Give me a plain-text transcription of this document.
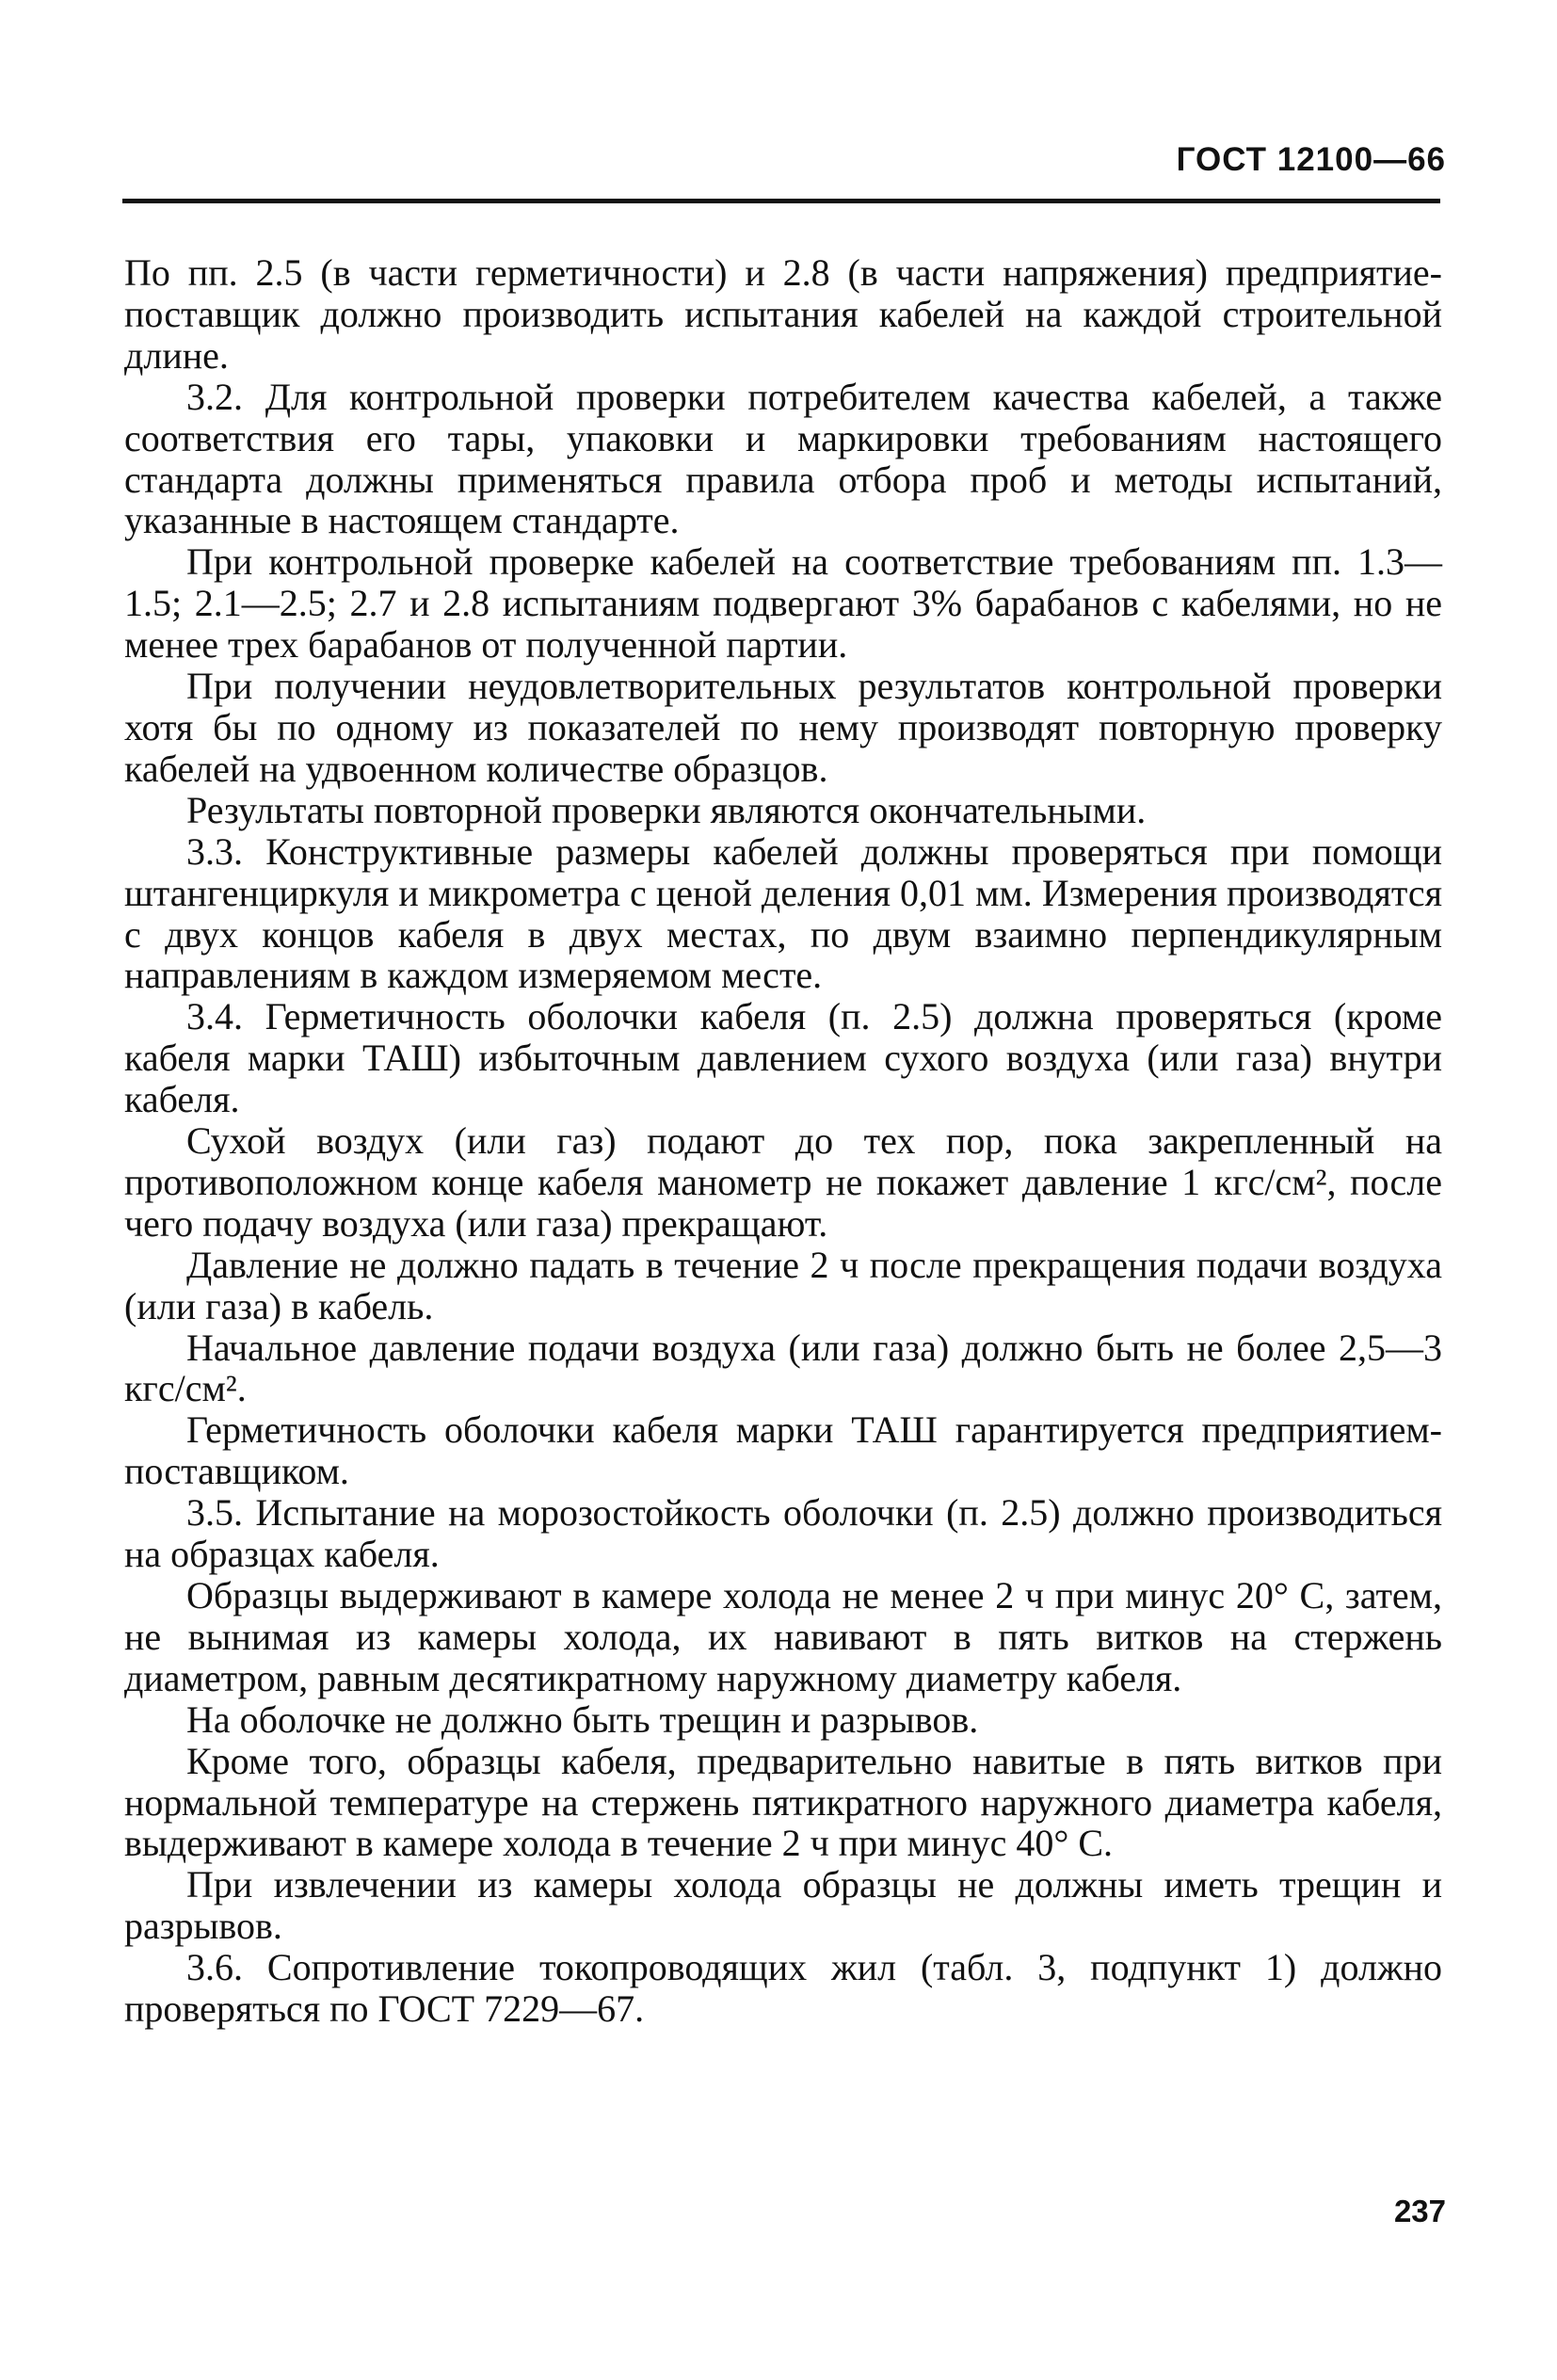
ГОСТ 12100—66

По пп. 2.5 (в части герметичности) и 2.8 (в части напряжения) предприятие-поставщик должно производить испытания кабелей на каждой строительной длине.

3.2. Для контрольной проверки потребителем качества кабелей, а также соответствия его тары, упаковки и маркировки требованиям настоящего стандарта должны применяться правила отбора проб и методы испытаний, указанные в настоящем стандарте.

При контрольной проверке кабелей на соответствие требованиям пп. 1.3—1.5; 2.1—2.5; 2.7 и 2.8 испытаниям подвергают 3% барабанов с кабелями, но не менее трех барабанов от полученной партии.

При получении неудовлетворительных результатов контрольной проверки хотя бы по одному из показателей по нему производят повторную проверку кабелей на удвоенном количестве образцов.

Результаты повторной проверки являются окончательными.

3.3. Конструктивные размеры кабелей должны проверяться при помощи штангенциркуля и микрометра с ценой деления 0,01 мм. Измерения производятся с двух концов кабеля в двух местах, по двум взаимно перпендикулярным направлениям в каждом измеряемом месте.

3.4. Герметичность оболочки кабеля (п. 2.5) должна проверяться (кроме кабеля марки ТАШ) избыточным давлением сухого воздуха (или газа) внутри кабеля.

Сухой воздух (или газ) подают до тех пор, пока закрепленный на противоположном конце кабеля манометр не покажет давление 1 кгс/см², после чего подачу воздуха (или газа) прекращают.

Давление не должно падать в течение 2 ч после прекращения подачи воздуха (или газа) в кабель.

Начальное давление подачи воздуха (или газа) должно быть не более 2,5—3 кгс/см².

Герметичность оболочки кабеля марки ТАШ гарантируется предприятием-поставщиком.

3.5. Испытание на морозостойкость оболочки (п. 2.5) должно производиться на образцах кабеля.

Образцы выдерживают в камере холода не менее 2 ч при минус 20° С, затем, не вынимая из камеры холода, их навивают в пять витков на стержень диаметром, равным десятикратному наружному диаметру кабеля.

На оболочке не должно быть трещин и разрывов.

Кроме того, образцы кабеля, предварительно навитые в пять витков при нормальной температуре на стержень пятикратного наружного диаметра кабеля, выдерживают в камере холода в течение 2 ч при минус 40° С.

При извлечении из камеры холода образцы не должны иметь трещин и разрывов.

3.6. Сопротивление токопроводящих жил (табл. 3, подпункт 1) должно проверяться по ГОСТ 7229—67.

237
